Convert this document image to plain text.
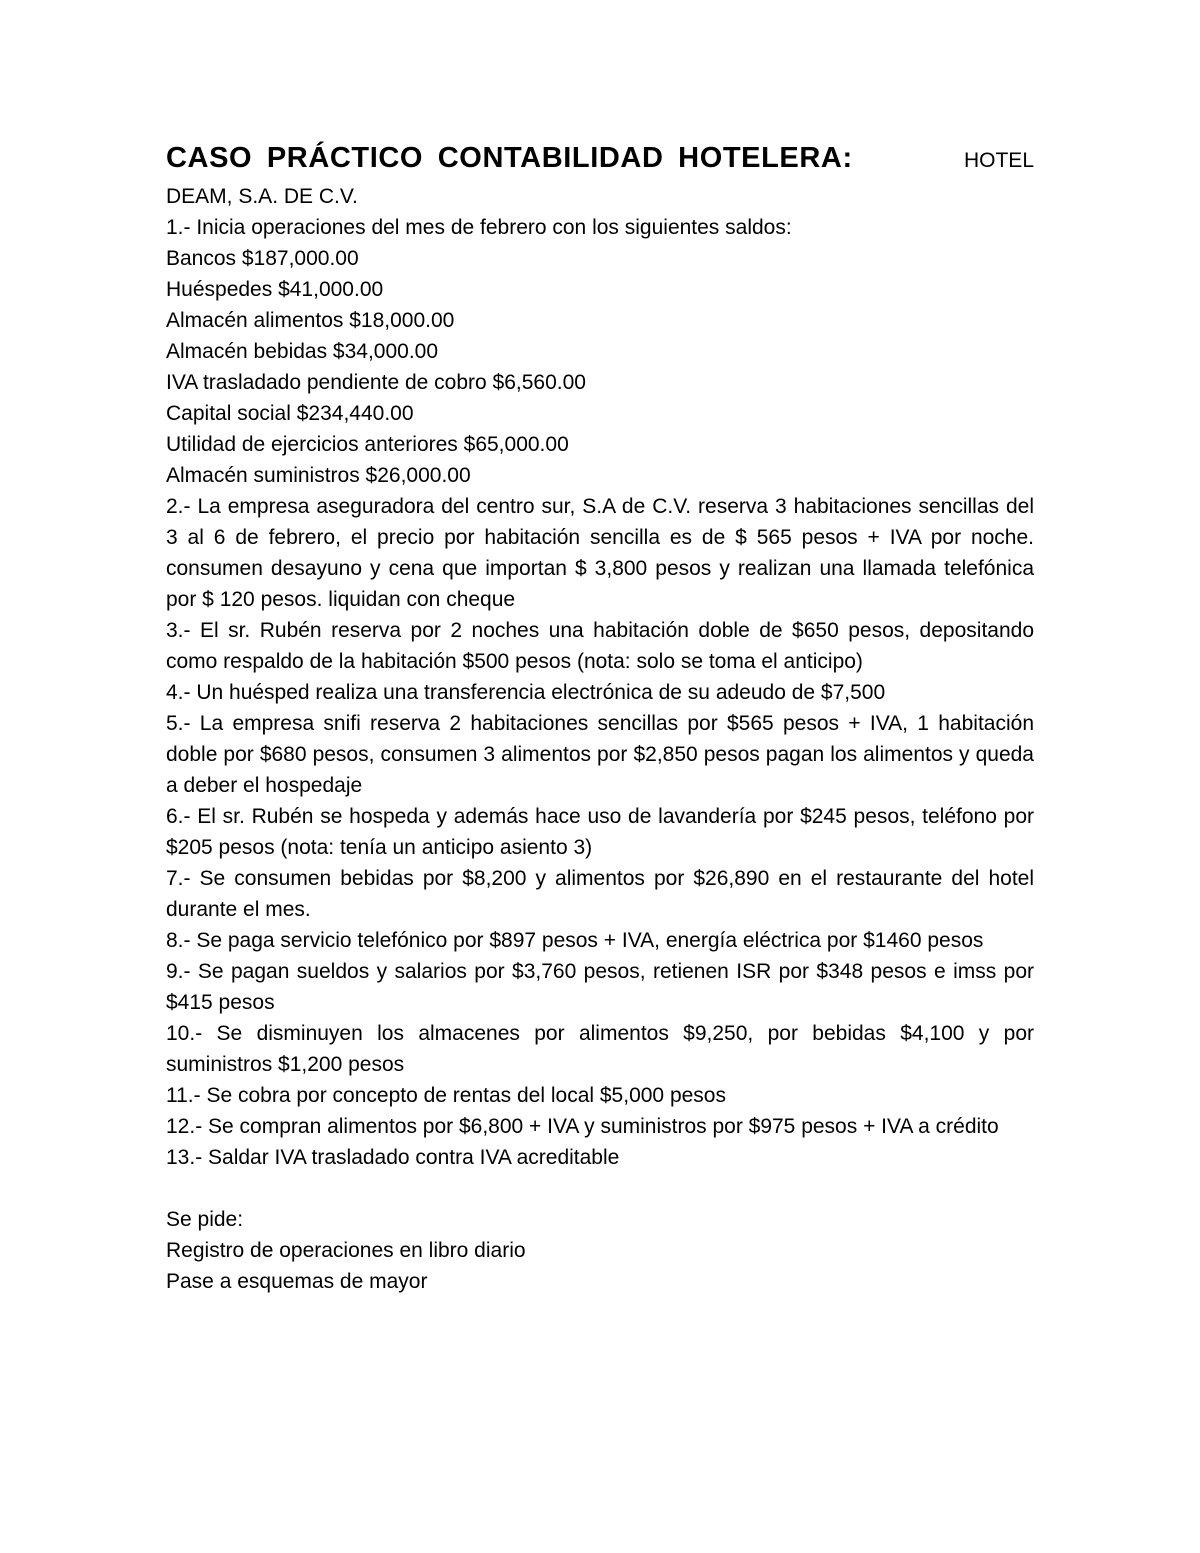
CASO PRÁCTICO CONTABILIDAD HOTELERA:	HOTEL
DEAM, S.A. DE C.V.
1.- Inicia operaciones del mes de febrero con los siguientes saldos:
Bancos $187,000.00
Huéspedes $41,000.00
Almacén alimentos $18,000.00
Almacén bebidas $34,000.00
IVA trasladado pendiente de cobro $6,560.00
Capital social $234,440.00
Utilidad de ejercicios anteriores $65,000.00
Almacén suministros $26,000.00
2.- La empresa aseguradora del centro sur, S.A de C.V. reserva 3 habitaciones sencillas del 3 al 6 de febrero, el precio por habitación sencilla es de $ 565 pesos + IVA por noche. consumen desayuno y cena que importan $ 3,800 pesos y realizan una llamada telefónica por $ 120 pesos. liquidan con cheque
3.- El sr. Rubén reserva por 2 noches una habitación doble de $650 pesos, depositando como respaldo de la habitación $500 pesos (nota: solo se toma el anticipo)
4.- Un huésped realiza una transferencia electrónica de su adeudo de $7,500
5.- La empresa snifi reserva 2 habitaciones sencillas por $565 pesos + IVA, 1 habitación doble por $680 pesos, consumen 3 alimentos por $2,850 pesos pagan los alimentos y queda a deber el hospedaje
6.- El sr. Rubén se hospeda y además hace uso de lavandería por $245 pesos, teléfono por $205 pesos (nota: tenía un anticipo asiento 3)
7.- Se consumen bebidas por $8,200 y alimentos por $26,890 en el restaurante del hotel durante el mes.
8.- Se paga servicio telefónico por $897 pesos + IVA, energía eléctrica por $1460 pesos
9.- Se pagan sueldos y salarios por $3,760 pesos, retienen ISR por $348 pesos e imss por $415 pesos
10.- Se disminuyen los almacenes por alimentos $9,250, por bebidas $4,100 y por suministros $1,200 pesos
11.- Se cobra por concepto de rentas del local $5,000 pesos
12.- Se compran alimentos por $6,800 + IVA y suministros por $975 pesos + IVA a crédito
13.- Saldar IVA trasladado contra IVA acreditable
Se pide:
Registro de operaciones en libro diario
Pase a esquemas de mayor
